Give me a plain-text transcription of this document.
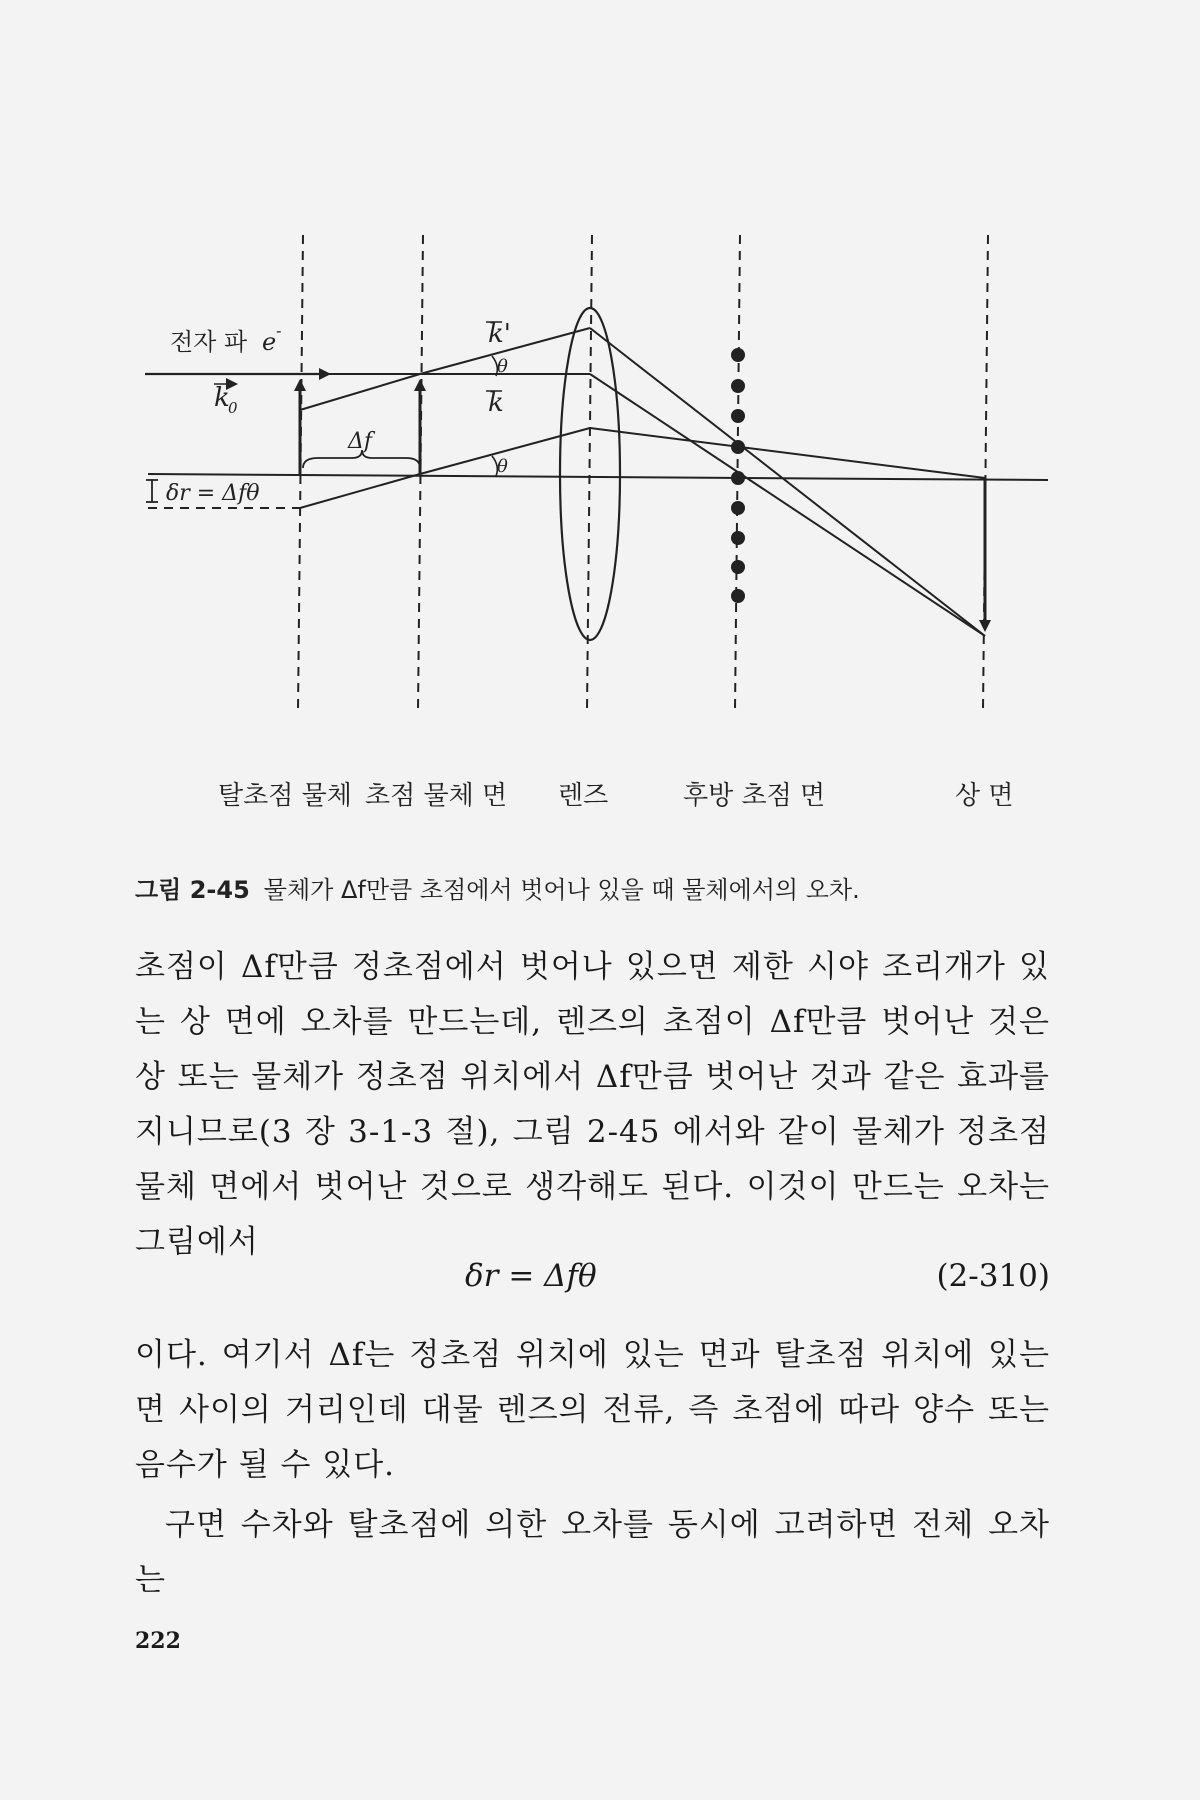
전자 파 e -
k
0
k'
k
θ
θ
Δf
δr = Δfθ
탈초점 물체 초점 물체 면 렌즈	후방 초점 면	상 면
그림 2-45 물체가 Δf만큼 초점에서 벗어나 있을 때 물체에서의 오차.
초점이 Δf만큼 정초점에서 벗어나 있으면 제한 시야 조리개가 있는 상 면에 오차를 만드는데, 렌즈의 초점이 Δf만큼 벗어난 것은 상 또는 물체가 정초점 위치에서 Δf만큼 벗어난 것과 같은 효과를 지니므로(3 장 3-1-3 절), 그림 2-45 에서와 같이 물체가 정초점 물체 면에서 벗어난 것으로 생각해도 된다. 이것이 만드는 오차는 그림에서
δr = Δfθ	(2-310)
이다. 여기서 Δf는 정초점 위치에 있는 면과 탈초점 위치에 있는 면 사이의 거리인데 대물 렌즈의 전류, 즉 초점에 따라 양수 또는 음수가 될 수 있다.
구면 수차와 탈초점에 의한 오차를 동시에 고려하면 전체 오차는
222
